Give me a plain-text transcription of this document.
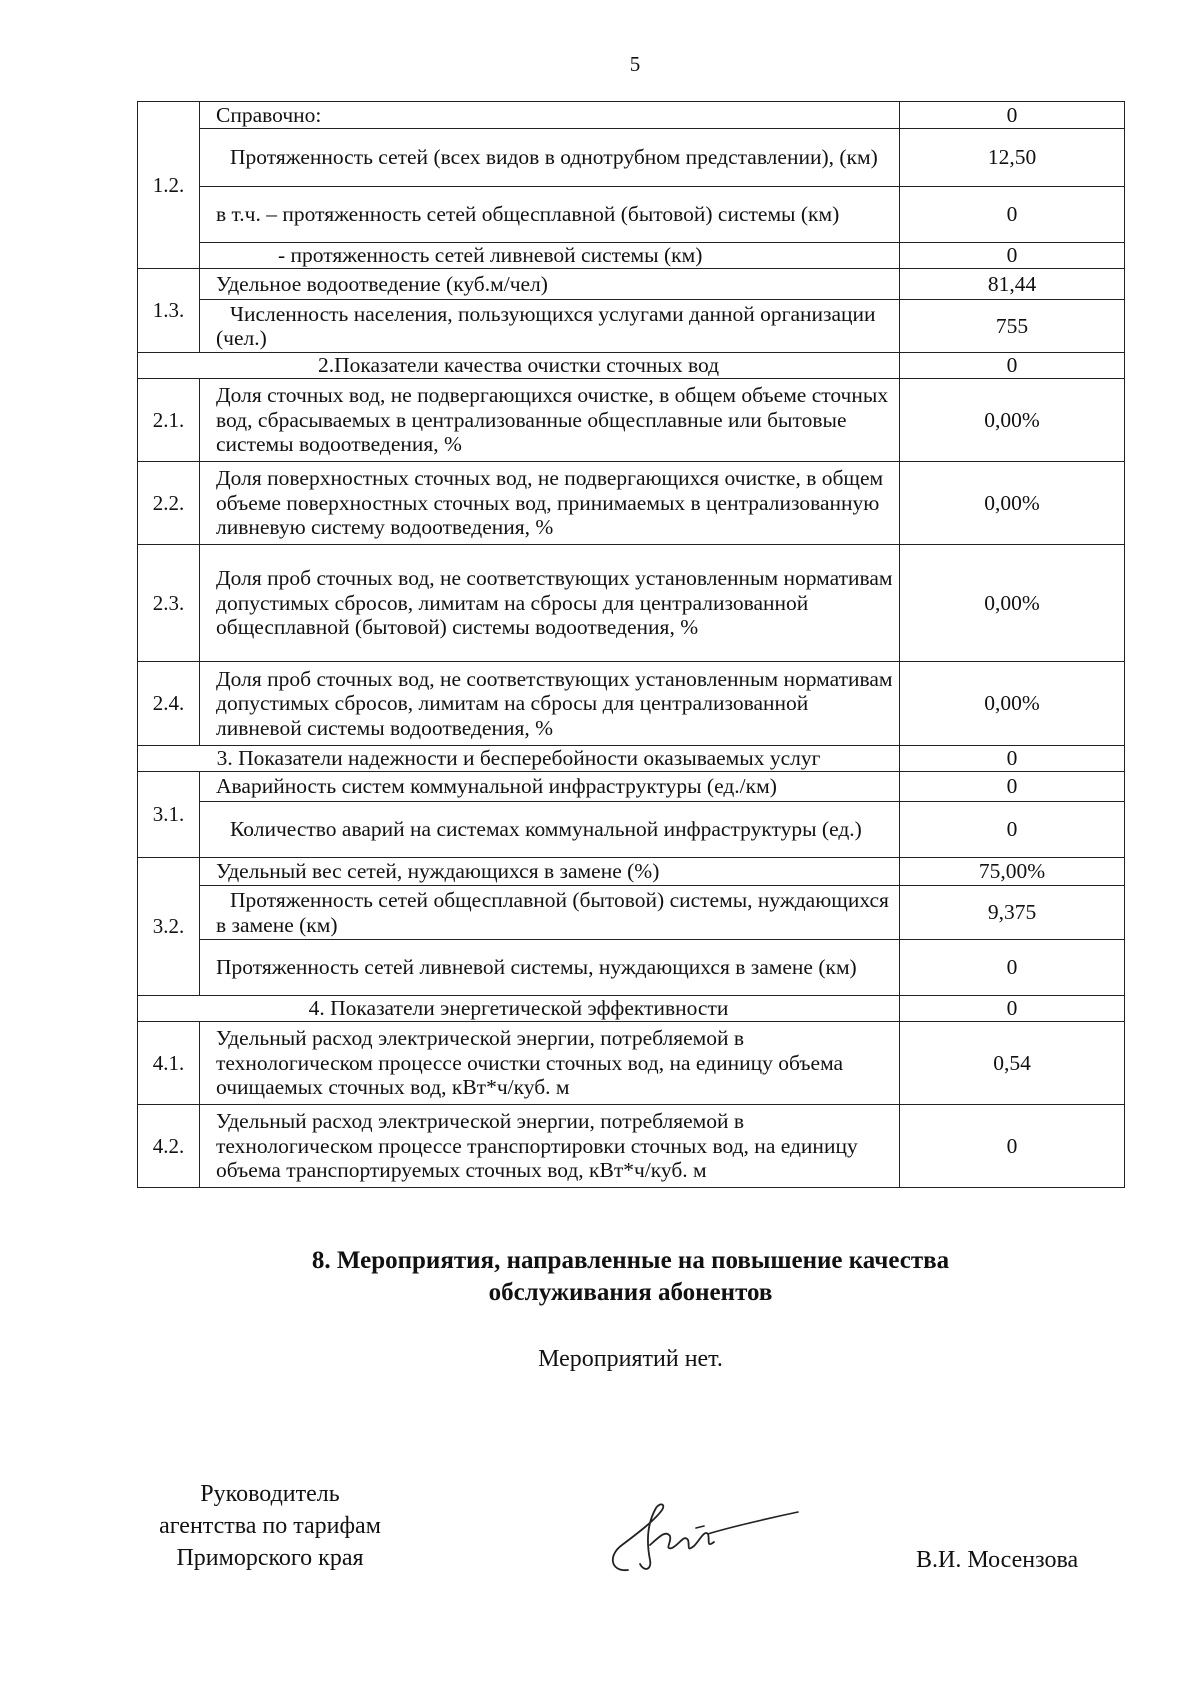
5
1.2.	Справочно:	0
	Протяженность сетей (всех видов в однотрубном представлении), (км)	12,50
	в т.ч. – протяженность сетей общесплавной (бытовой) системы (км)	0
	- протяженность сетей ливневой системы (км)	0
1.3.	Удельное водоотведение (куб.м/чел)	81,44
	Численность населения, пользующихся услугами данной организации (чел.)	755
2.Показатели качества очистки сточных вод		0
2.1.	Доля сточных вод, не подвергающихся очистке, в общем объеме сточных вод, сбрасываемых в централизованные общесплавные или бытовые системы водоотведения, %	0,00%
2.2.	Доля поверхностных сточных вод, не подвергающихся очистке, в общем объеме поверхностных сточных вод, принимаемых в централизованную ливневую систему водоотведения, %	0,00%
2.3.	Доля проб сточных вод, не соответствующих установленным нормативам допустимых сбросов, лимитам на сбросы для централизованной общесплавной (бытовой) системы водоотведения, %	0,00%
2.4.	Доля проб сточных вод, не соответствующих установленным нормативам допустимых сбросов, лимитам на сбросы для централизованной ливневой системы водоотведения, %	0,00%
3. Показатели надежности и бесперебойности оказываемых услуг		0
3.1.	Аварийность систем коммунальной инфраструктуры (ед./км)	0
	Количество аварий на системах коммунальной инфраструктуры (ед.)	0
3.2.	Удельный вес сетей, нуждающихся в замене (%)	75,00%
	Протяженность сетей общесплавной (бытовой) системы, нуждающихся в замене (км)	9,375
	Протяженность сетей ливневой системы, нуждающихся в замене (км)	0
4. Показатели энергетической эффективности		0
4.1.	Удельный расход электрической энергии, потребляемой в технологическом процессе очистки сточных вод, на единицу объема очищаемых сточных вод, кВт*ч/куб. м	0,54
4.2.	Удельный расход электрической энергии, потребляемой в технологическом процессе транспортировки сточных вод, на единицу объема транспортируемых сточных вод, кВт*ч/куб. м	0
8. Мероприятия, направленные на повышение качества
обслуживания абонентов
Мероприятий нет.
Руководитель
агентства по тарифам
Приморского края	В.И. Мосензова
